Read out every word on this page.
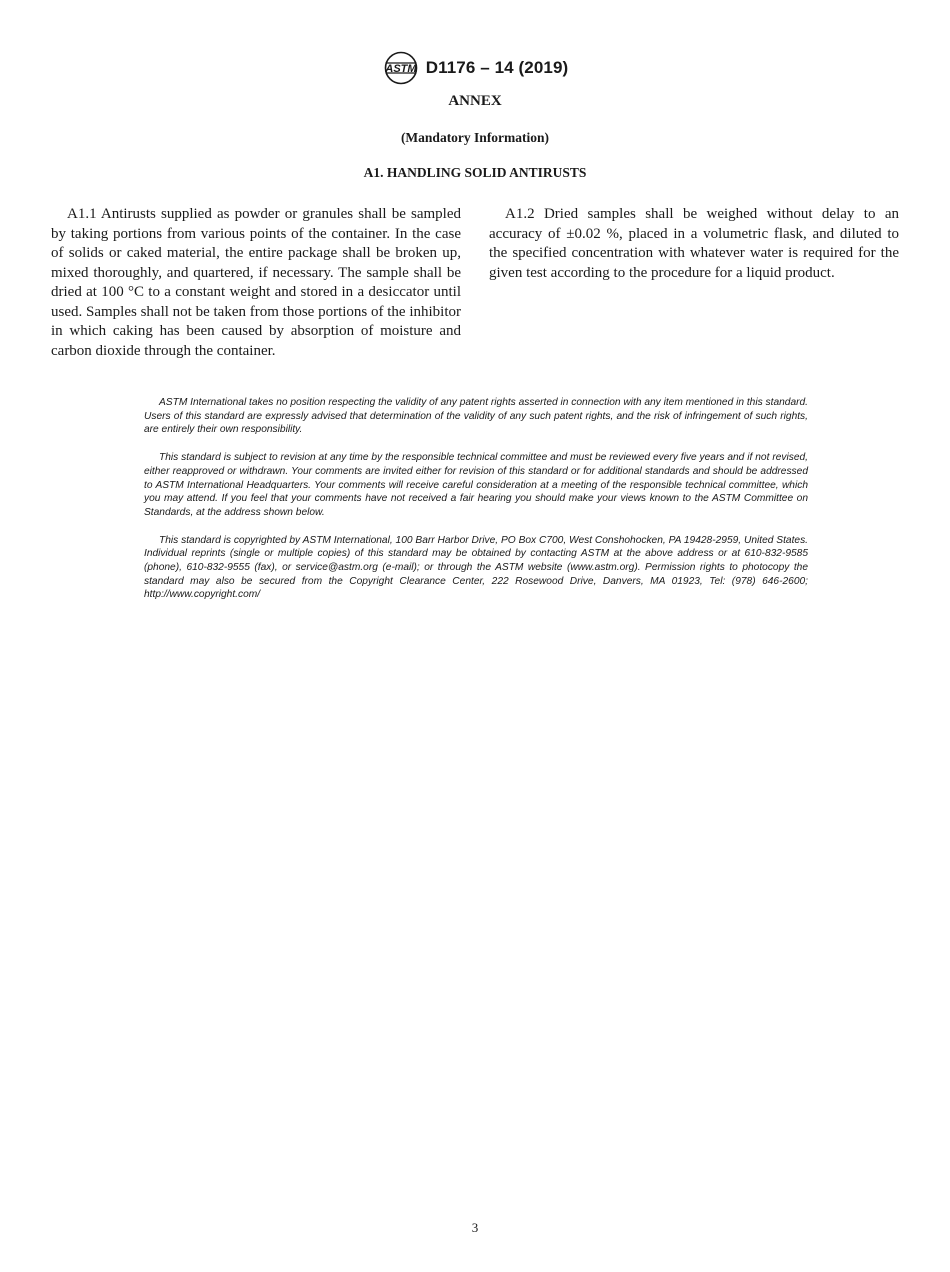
ASTM D1176 – 14 (2019)
ANNEX
(Mandatory Information)
A1. HANDLING SOLID ANTIRUSTS

A1.1 Antirusts supplied as powder or granules shall be sampled by taking portions from various points of the container. In the case of solids or caked material, the entire package shall be broken up, mixed thoroughly, and quartered, if necessary. The sample shall be dried at 100 °C to a constant weight and stored in a desiccator until used. Samples shall not be taken from those portions of the inhibitor in which caking has been caused by absorption of moisture and carbon dioxide through the container.

A1.2 Dried samples shall be weighed without delay to an accuracy of ±0.02 %, placed in a volumetric flask, and diluted to the specified concentration with whatever water is required for the given test according to the procedure for a liquid product.

ASTM International takes no position respecting the validity of any patent rights asserted in connection with any item mentioned in this standard. Users of this standard are expressly advised that determination of the validity of any such patent rights, and the risk of infringement of such rights, are entirely their own responsibility.

This standard is subject to revision at any time by the responsible technical committee and must be reviewed every five years and if not revised, either reapproved or withdrawn. Your comments are invited either for revision of this standard or for additional standards and should be addressed to ASTM International Headquarters. Your comments will receive careful consideration at a meeting of the responsible technical committee, which you may attend. If you feel that your comments have not received a fair hearing you should make your views known to the ASTM Committee on Standards, at the address shown below.

This standard is copyrighted by ASTM International, 100 Barr Harbor Drive, PO Box C700, West Conshohocken, PA 19428-2959, United States. Individual reprints (single or multiple copies) of this standard may be obtained by contacting ASTM at the above address or at 610-832-9585 (phone), 610-832-9555 (fax), or service@astm.org (e-mail); or through the ASTM website (www.astm.org). Permission rights to photocopy the standard may also be secured from the Copyright Clearance Center, 222 Rosewood Drive, Danvers, MA 01923, Tel: (978) 646-2600; http://www.copyright.com/

3
